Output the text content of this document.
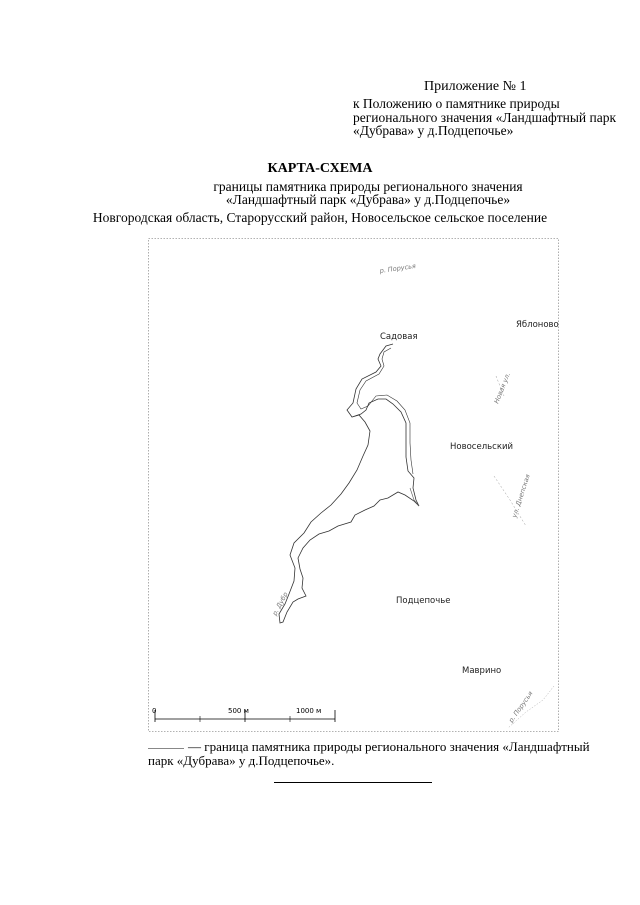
Приложение № 1
к Положению о памятнике природы регионального значения «Ландшафтный парк «Дубрава» у д.Подцепочье»
КАРТА-СХЕМА
границы памятника природы регионального значения «Ландшафтный парк «Дубрава» у д.Подцепочье»
Новгородская область, Старорусский район, Новосельское сельское поселение
р. Порусья
р. Дубр
р. Порусья
Садовая
Яблоново
Новосельский
Подцепочье
Маврино
Новая ул.
ул. Днепская
0	500 м	1000 м
— граница памятника природы регионального значения «Ландшафтный парк «Дубрава» у д.Подцепочье».
